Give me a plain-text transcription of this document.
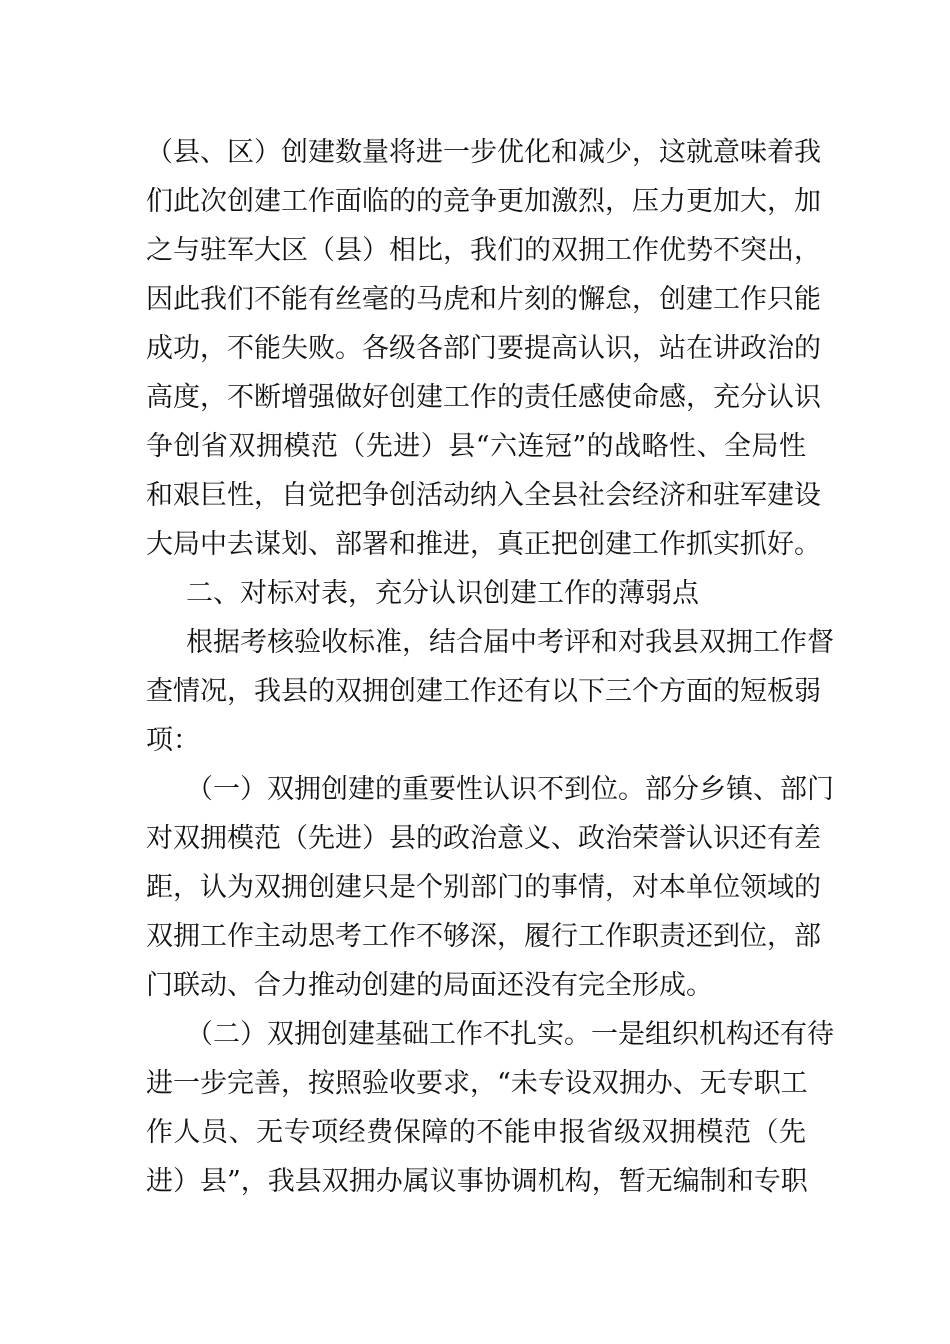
（县、区）创建数量将进一步优化和减少，这就意味着我
们此次创建工作面临的的竞争更加激烈，压力更加大，加
之与驻军大区（县）相比，我们的双拥工作优势不突出，
因此我们不能有丝毫的马虎和片刻的懈怠，创建工作只能
成功，不能失败。各级各部门要提高认识，站在讲政治的
高度，不断增强做好创建工作的责任感使命感，充分认识
争创省双拥模范（先进）县“六连冠”的战略性、全局性
和艰巨性，自觉把争创活动纳入全县社会经济和驻军建设
大局中去谋划、部署和推进，真正把创建工作抓实抓好。
二、对标对表，充分认识创建工作的薄弱点
根据考核验收标准，结合届中考评和对我县双拥工作督
查情况，我县的双拥创建工作还有以下三个方面的短板弱
项：
（一）双拥创建的重要性认识不到位。部分乡镇、部门
对双拥模范（先进）县的政治意义、政治荣誉认识还有差
距，认为双拥创建只是个别部门的事情，对本单位领域的
双拥工作主动思考工作不够深，履行工作职责还到位，部
门联动、合力推动创建的局面还没有完全形成。
（二）双拥创建基础工作不扎实。一是组织机构还有待
进一步完善，按照验收要求，“未专设双拥办、无专职工
作人员、无专项经费保障的不能申报省级双拥模范（先
进）县”，我县双拥办属议事协调机构，暂无编制和专职
